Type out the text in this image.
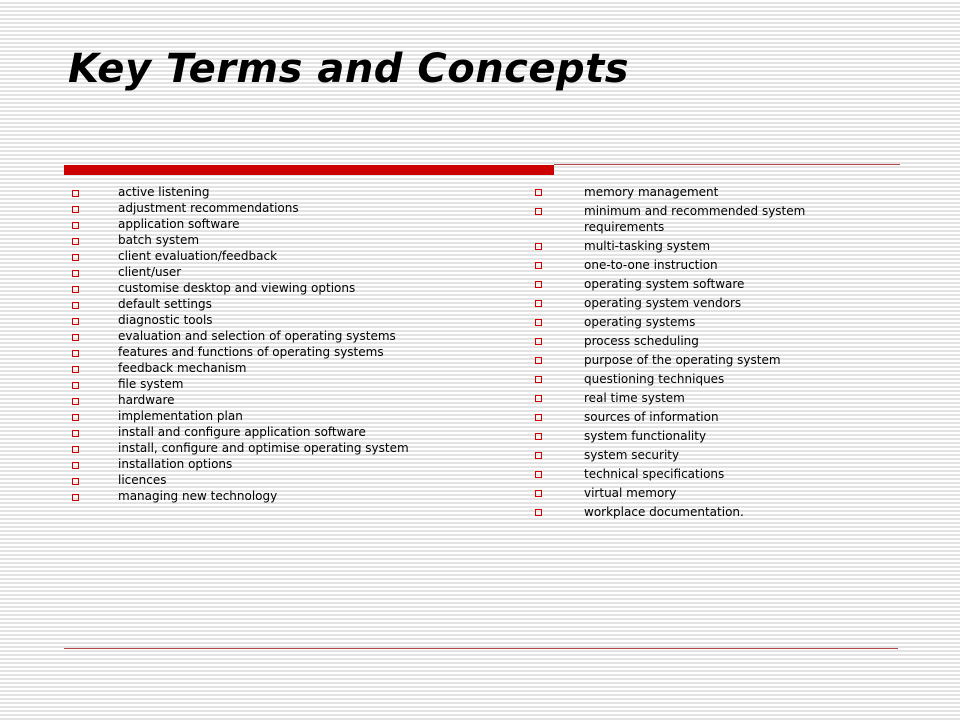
Key Terms and Concepts
active listening
adjustment recommendations
application software
batch system
client evaluation/feedback
client/user
customise desktop and viewing options
default settings
diagnostic tools
evaluation and selection of operating systems
features and functions of operating systems
feedback mechanism
file system
hardware
implementation plan
install and configure application software
install, configure and optimise operating system
installation options
licences
managing new technology
memory management
minimum and recommended system requirements
multi-tasking system
one-to-one instruction
operating system software
operating system vendors
operating systems
process scheduling
purpose of the operating system
questioning techniques
real time system
sources of information
system functionality
system security
technical specifications
virtual memory
workplace documentation.
